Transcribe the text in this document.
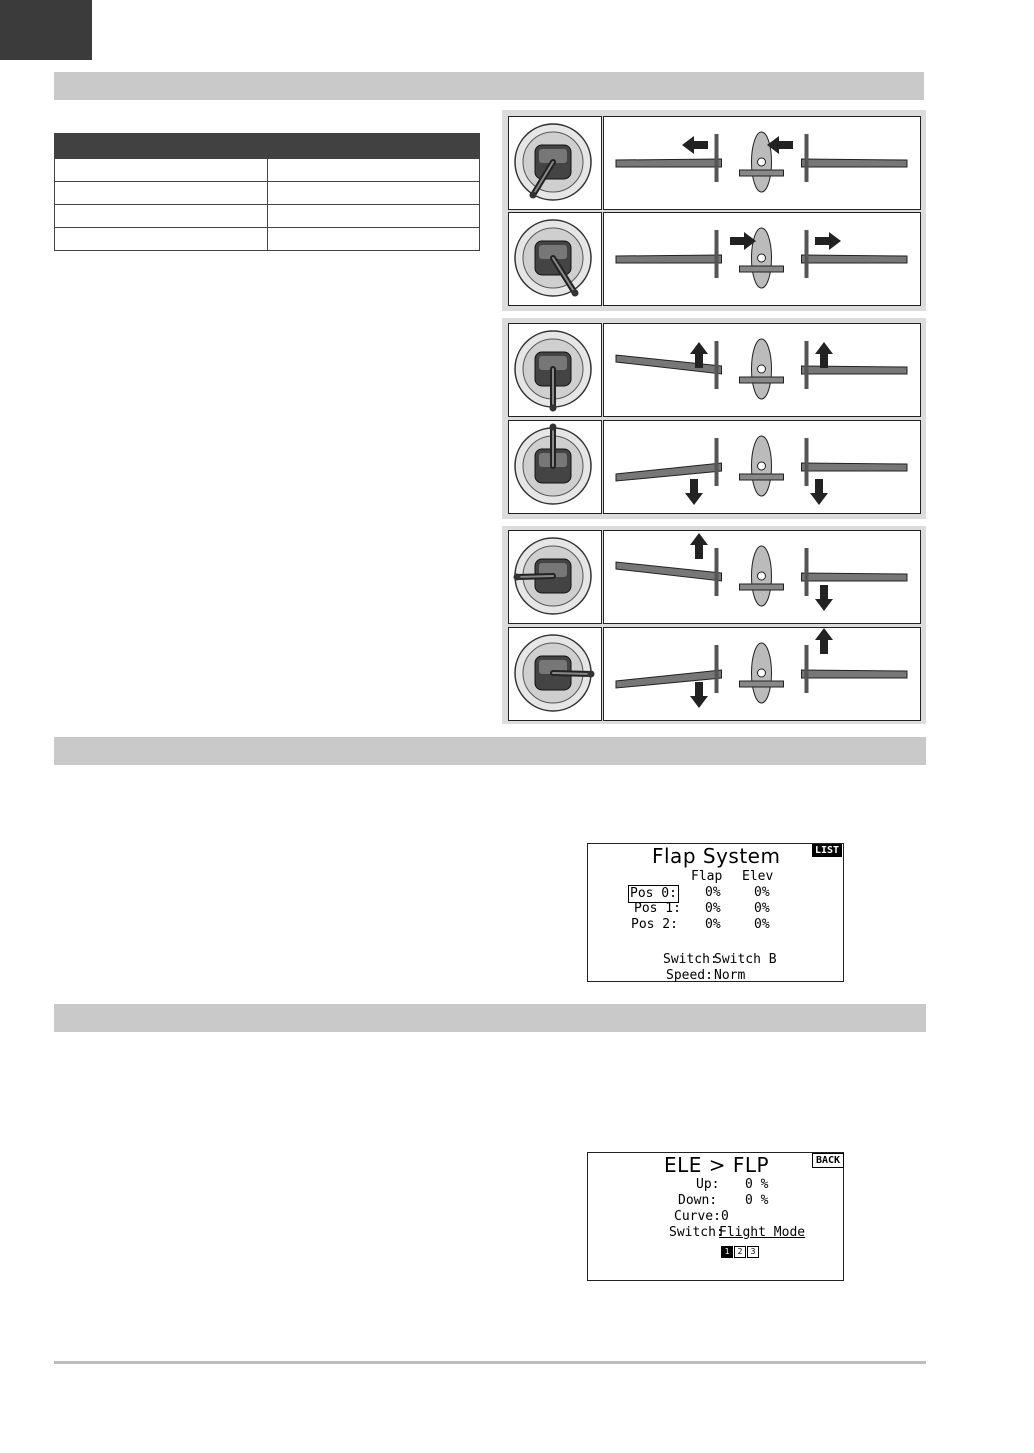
Flap System	LIST
Flap Elev
Pos 0: 0%	0%
Pos 1: 0%	0%
Pos 2: 0%	0%
Switch:
Switch B
Speed: Norm
ELE > FLP	BACK
Up: 0 %
Down: 0 %
Curve: 0
Switch:
Flight Mode
1 2 3
